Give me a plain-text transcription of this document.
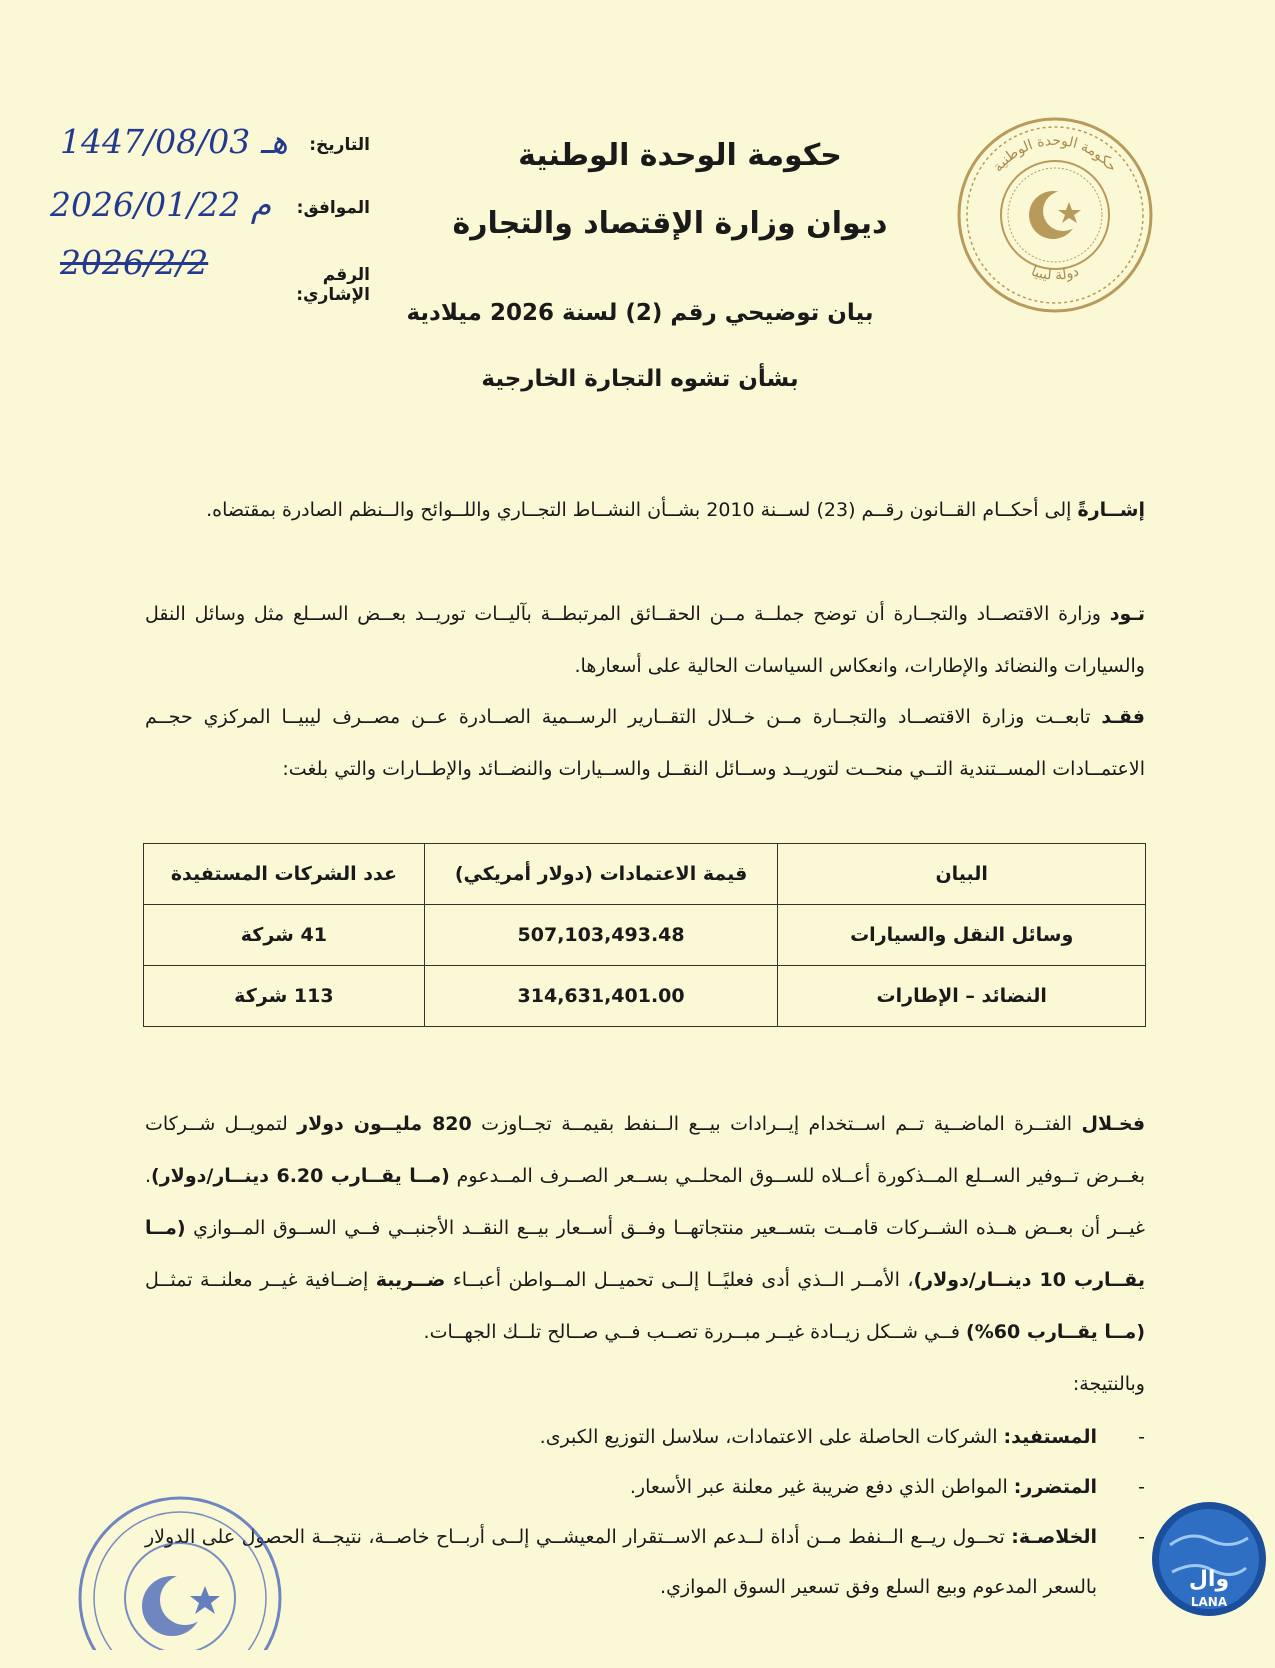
حكومة الوحدة الوطنية
دولة ليبيا
حكومة الوحدة الوطنية
ديوان وزارة الإقتصاد والتجارة
التاريخ:
1447/08/03 هـ
الموافق:
2026/01/22 م
الرقم الإشاري:
2026/2/2
بيان توضيحي رقم (2) لسنة 2026 ميلادية
بشأن تشوه التجارة الخارجية
إشــارةً إلى أحكــام القــانون رقــم (23) لســنة 2010 بشــأن النشــاط التجــاري واللــوائح والــنظم الصادرة بمقتضاه.
تـود وزارة الاقتصــاد والتجــارة أن توضح جملــة مــن الحقــائق المرتبطــة بآليــات توريــد بعــض الســلع مثل وسائل النقل والسيارات والنضائد والإطارات، وانعكاس السياسات الحالية على أسعارها.
فقـد تابعــت وزارة الاقتصــاد والتجــارة مــن خــلال التقــارير الرســمية الصــادرة عــن مصــرف ليبيــا المركزي حجــم الاعتمــادات المســتندية التــي منحــت لتوريــد وســائل النقــل والســيارات والنضــائد والإطــارات والتي بلغت:
البيان	قيمة الاعتمادات (دولار أمريكي)	عدد الشركات المستفيدة
وسائل النقل والسيارات	507,103,493.48	41 شركة
النضائد – الإطارات	314,631,401.00	113 شركة
فخـلال الفتــرة الماضــية تــم اســتخدام إيــرادات بيــع الــنفط بقيمــة تجــاوزت 820 مليــون دولار لتمويــل شــركات بغــرض تــوفير الســلع المــذكورة أعــلاه للســوق المحلــي بســعر الصــرف المــدعوم (مــا يقــارب 6.20 دينــار/دولار). غيــر أن بعــض هــذه الشــركات قامــت بتســعير منتجاتهــا وفــق أســعار بيــع النقــد الأجنبــي فــي الســوق المــوازي (مــا يقــارب 10 دينــار/دولار)، الأمــر الــذي أدى فعليًــا إلــى تحميــل المــواطن أعبــاء ضــريبة إضــافية غيــر معلنــة تمثــل (مــا يقــارب 60%) فــي شــكل زيــادة غيــر مبــررة تصــب فــي صــالح تلــك الجهــات.
وبالنتيجة:
- المستفيد: الشركات الحاصلة على الاعتمادات، سلاسل التوزيع الكبرى.
- المتضرر: المواطن الذي دفع ضريبة غير معلنة عبر الأسعار.
- الخلاصـة: تحــول ريــع الــنفط مــن أداة لــدعم الاســتقرار المعيشــي إلــى أربــاح خاصــة، نتيجــة الحصول على الدولار بالسعر المدعوم وبيع السلع وفق تسعير السوق الموازي.	وال
LANA
